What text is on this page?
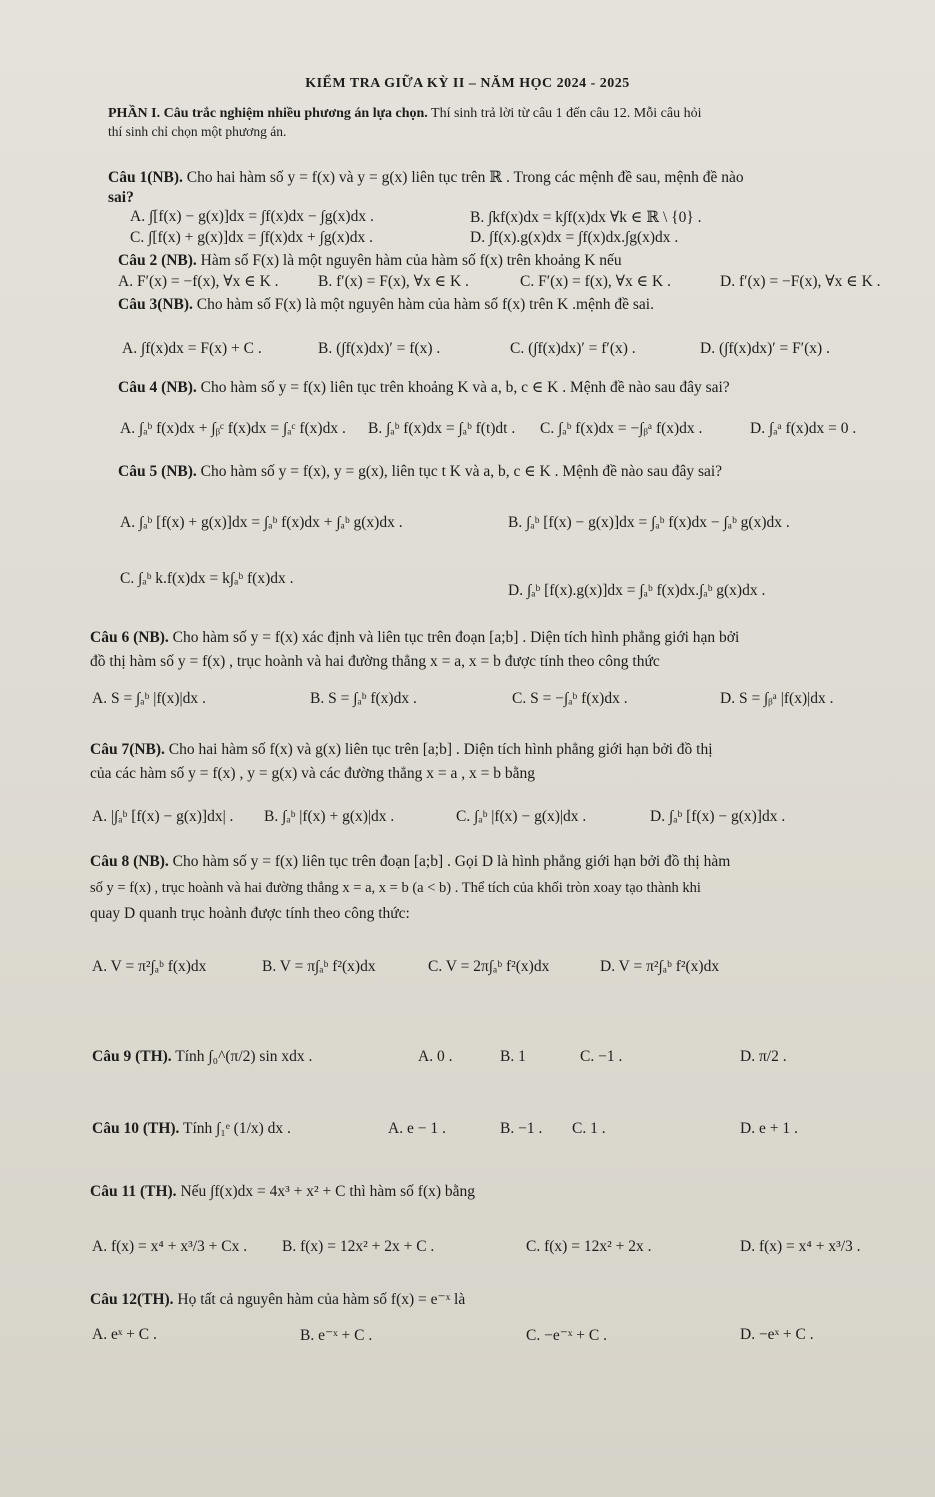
KIỂM TRA GIỮA KỲ II – NĂM HỌC 2024 - 2025
PHẦN I. Câu trắc nghiệm nhiều phương án lựa chọn. Thí sinh trả lời từ câu 1 đến câu 12. Mỗi câu hỏi
thí sinh chỉ chọn một phương án.
Câu 1(NB). Cho hai hàm số y = f(x) và y = g(x) liên tục trên ℝ . Trong các mệnh đề sau, mệnh đề nào
sai?
A. ∫[f(x) − g(x)]dx = ∫f(x)dx − ∫g(x)dx .	B. ∫kf(x)dx = k∫f(x)dx ∀k ∈ ℝ \ {0} .
C. ∫[f(x) + g(x)]dx = ∫f(x)dx + ∫g(x)dx .	D. ∫f(x).g(x)dx = ∫f(x)dx.∫g(x)dx .
Câu 2 (NB). Hàm số F(x) là một nguyên hàm của hàm số f(x) trên khoảng K nếu
A. F′(x) = −f(x), ∀x ∈ K .	B. f′(x) = F(x), ∀x ∈ K .	C. F′(x) = f(x), ∀x ∈ K .	D. f′(x) = −F(x), ∀x ∈ K .
Câu 3(NB). Cho hàm số F(x) là một nguyên hàm của hàm số f(x) trên K .mệnh đề sai.
A. ∫f(x)dx = F(x) + C .	B. (∫f(x)dx)′ = f(x) .	C. (∫f(x)dx)′ = f′(x) .	D. (∫f(x)dx)′ = F′(x) .
Câu 4 (NB). Cho hàm số y = f(x) liên tục trên khoảng K và a, b, c ∈ K . Mệnh đề nào sau đây sai?
A. ∫ₐᵇ f(x)dx + ∫ᵦᶜ f(x)dx = ∫ₐᶜ f(x)dx . B. ∫ₐᵇ f(x)dx = ∫ₐᵇ f(t)dt . C. ∫ₐᵇ f(x)dx = −∫ᵦᵃ f(x)dx .	D. ∫ₐᵃ f(x)dx = 0 .
Câu 5 (NB). Cho hàm số y = f(x), y = g(x), liên tục t K và a, b, c ∈ K . Mệnh đề nào sau đây sai?
A. ∫ₐᵇ [f(x) + g(x)]dx = ∫ₐᵇ f(x)dx + ∫ₐᵇ g(x)dx .	B. ∫ₐᵇ [f(x) − g(x)]dx = ∫ₐᵇ f(x)dx − ∫ₐᵇ g(x)dx .
C. ∫ₐᵇ k.f(x)dx = k∫ₐᵇ f(x)dx .
D. ∫ₐᵇ [f(x).g(x)]dx = ∫ₐᵇ f(x)dx.∫ₐᵇ g(x)dx .
Câu 6 (NB). Cho hàm số y = f(x) xác định và liên tục trên đoạn [a;b] . Diện tích hình phẳng giới hạn bởi
đồ thị hàm số y = f(x) , trục hoành và hai đường thẳng x = a, x = b được tính theo công thức
A. S = ∫ₐᵇ |f(x)|dx .	B. S = ∫ₐᵇ f(x)dx .	C. S = −∫ₐᵇ f(x)dx .	D. S = ∫ᵦᵃ |f(x)|dx .
Câu 7(NB). Cho hai hàm số f(x) và g(x) liên tục trên [a;b] . Diện tích hình phẳng giới hạn bởi đồ thị
của các hàm số y = f(x) , y = g(x) và các đường thẳng x = a , x = b bằng
A. |∫ₐᵇ [f(x) − g(x)]dx| . B. ∫ₐᵇ |f(x) + g(x)|dx .	C. ∫ₐᵇ |f(x) − g(x)|dx .	D. ∫ₐᵇ [f(x) − g(x)]dx .
Câu 8 (NB). Cho hàm số y = f(x) liên tục trên đoạn [a;b] . Gọi D là hình phẳng giới hạn bởi đồ thị hàm
số y = f(x) , trục hoành và hai đường thẳng x = a, x = b (a < b) . Thể tích của khối tròn xoay tạo thành khi
quay D quanh trục hoành được tính theo công thức:
A. V = π²∫ₐᵇ f(x)dx	B. V = π∫ₐᵇ f²(x)dx	C. V = 2π∫ₐᵇ f²(x)dx	D. V = π²∫ₐᵇ f²(x)dx
Câu 9 (TH). Tính ∫₀^(π/2) sin xdx .	A. 0 .	B. 1	C. −1 .	D. π/2 .
Câu 10 (TH). Tính ∫₁ᵉ (1/x) dx .	A. e − 1 .	B. −1 . C. 1 .	D. e + 1 .
Câu 11 (TH). Nếu ∫f(x)dx = 4x³ + x² + C thì hàm số f(x) bằng
A. f(x) = x⁴ + x³/3 + Cx . B. f(x) = 12x² + 2x + C .	C. f(x) = 12x² + 2x .	D. f(x) = x⁴ + x³/3 .
Câu 12(TH). Họ tất cả nguyên hàm của hàm số f(x) = e⁻ˣ là
A. eˣ + C .	B. e⁻ˣ + C .	C. −e⁻ˣ + C .	D. −eˣ + C .
